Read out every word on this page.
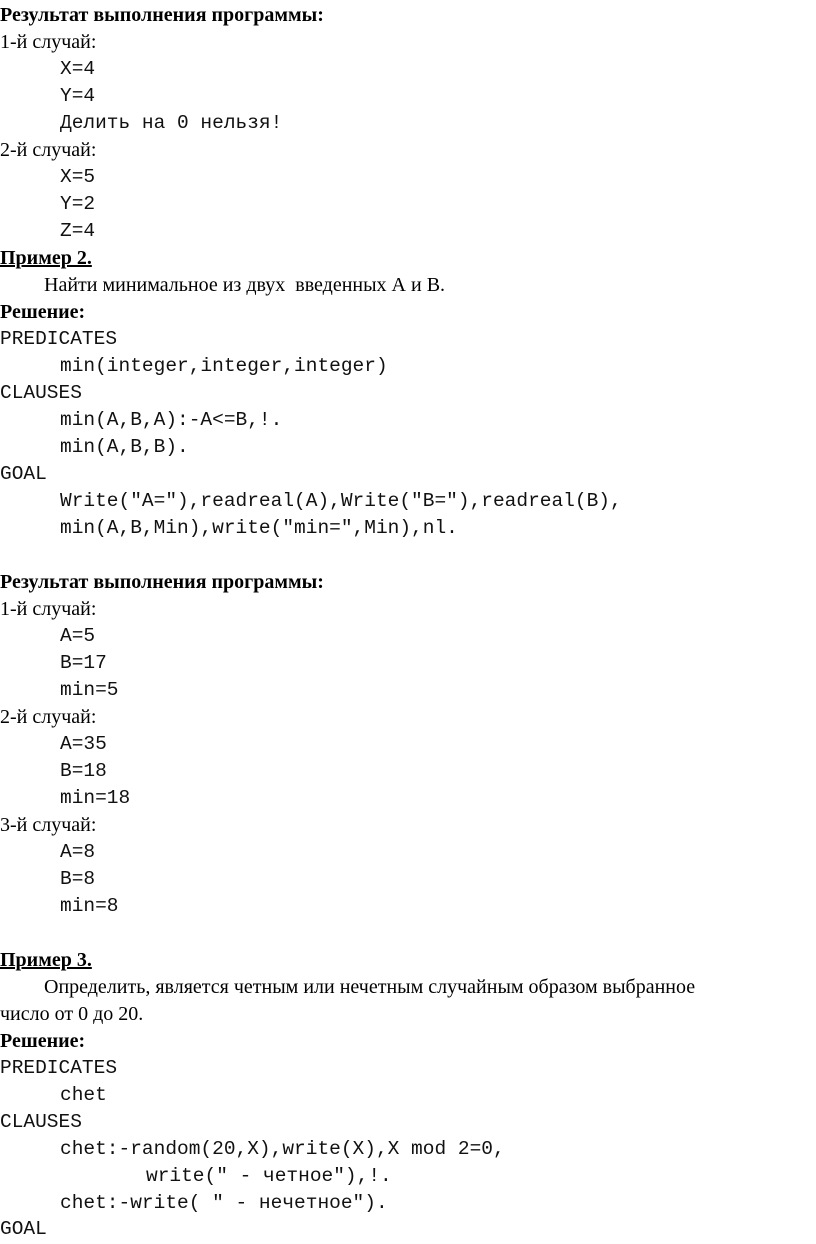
Результат выполнения программы:
1-й случай:
X=4
Y=4
Делить на 0 нельзя!
2-й случай:
X=5
Y=2
Z=4
Пример 2.
Найти минимальное из двух  введенных А и В.
Решение:
PREDICATES
min(integer,integer,integer)
CLAUSES
min(A,B,A):-A<=B,!.
min(A,B,B).
GOAL
Write("A="),readreal(A),Write("B="),readreal(B),
min(A,B,Min),write("min=",Min),nl.
Результат выполнения программы:
1-й случай:
A=5
B=17
min=5
2-й случай:
A=35
B=18
min=18
3-й случай:
A=8
B=8
min=8
Пример 3.
Определить, является четным или нечетным случайным образом выбранное
число от 0 до 20.
Решение:
PREDICATES
chet
CLAUSES
chet:-random(20,X),write(X),X mod 2=0,
write(" - четное"),!.
chet:-write( " - нечетное").
GOAL
